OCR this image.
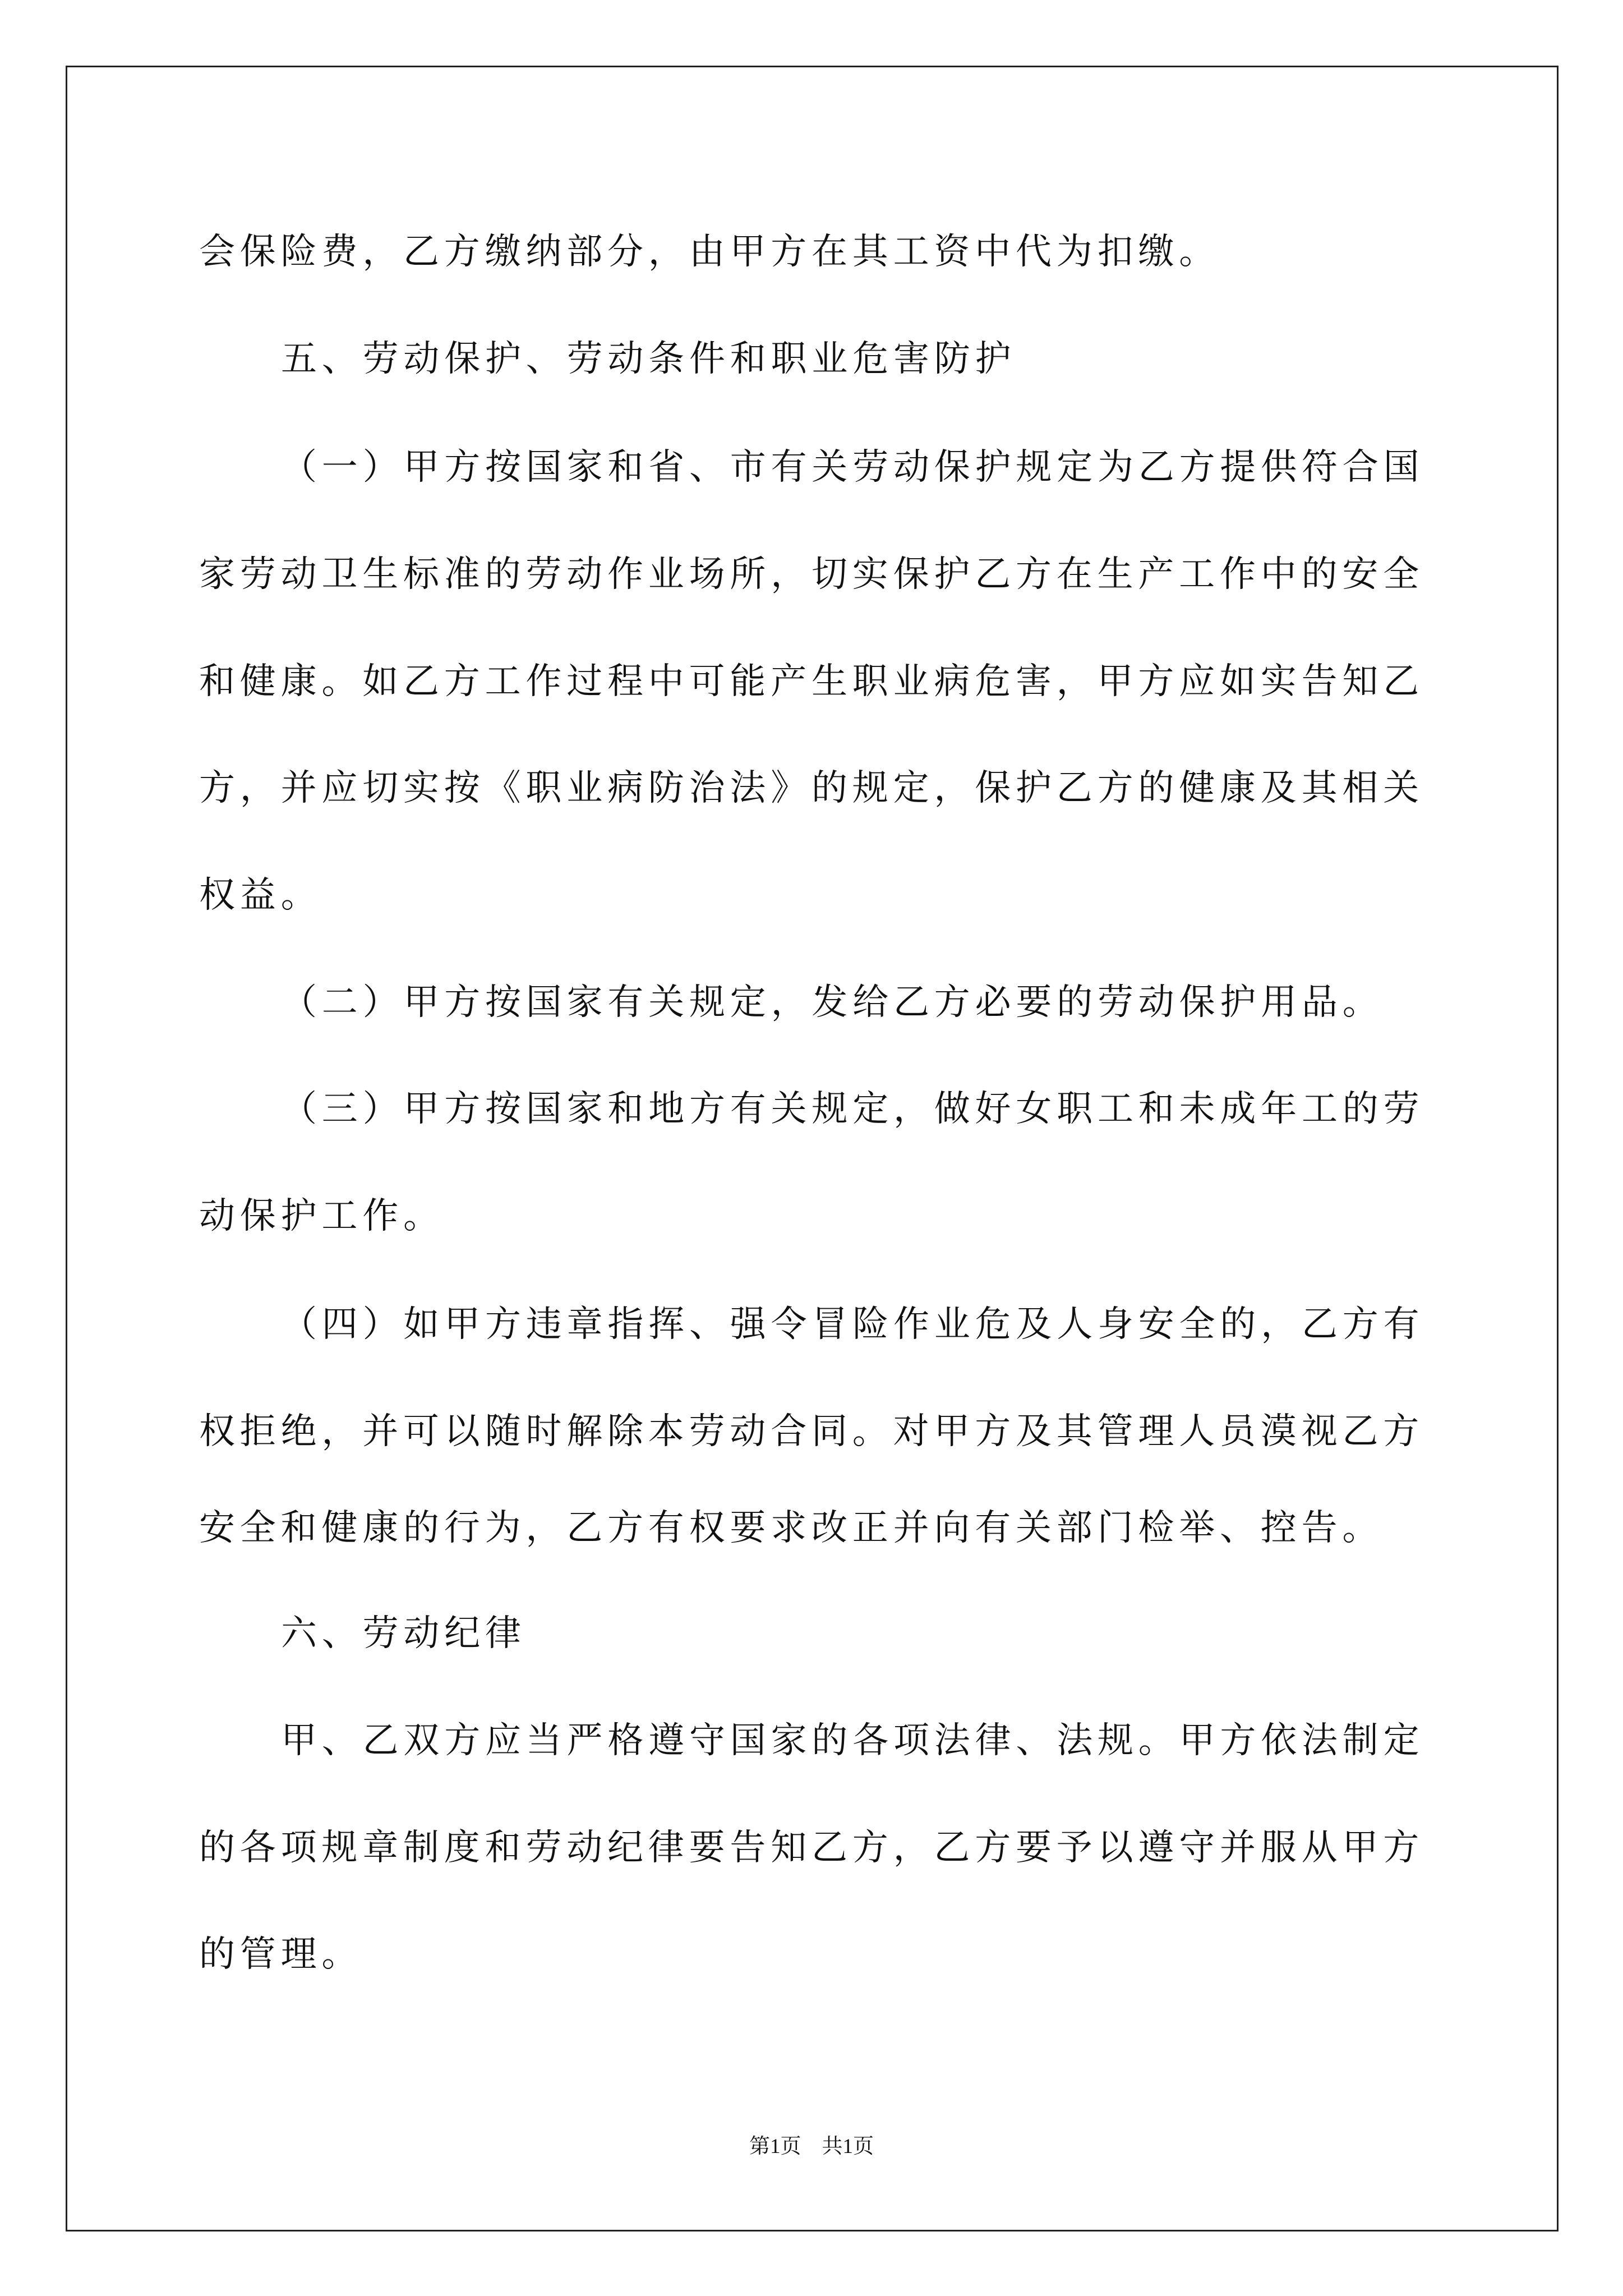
会保险费，乙方缴纳部分，由甲方在其工资中代为扣缴。
五、劳动保护、劳动条件和职业危害防护
（一）甲方按国家和省、市有关劳动保护规定为乙方提供符合国
家劳动卫生标准的劳动作业场所，切实保护乙方在生产工作中的安全
和健康。如乙方工作过程中可能产生职业病危害，甲方应如实告知乙
方，并应切实按《职业病防治法》的规定，保护乙方的健康及其相关
权益。
（二）甲方按国家有关规定，发给乙方必要的劳动保护用品。
（三）甲方按国家和地方有关规定，做好女职工和未成年工的劳
动保护工作。
（四）如甲方违章指挥、强令冒险作业危及人身安全的，乙方有
权拒绝，并可以随时解除本劳动合同。对甲方及其管理人员漠视乙方
安全和健康的行为，乙方有权要求改正并向有关部门检举、控告。
六、劳动纪律
甲、乙双方应当严格遵守国家的各项法律、法规。甲方依法制定
的各项规章制度和劳动纪律要告知乙方，乙方要予以遵守并服从甲方
的管理。
第1页　共1页
